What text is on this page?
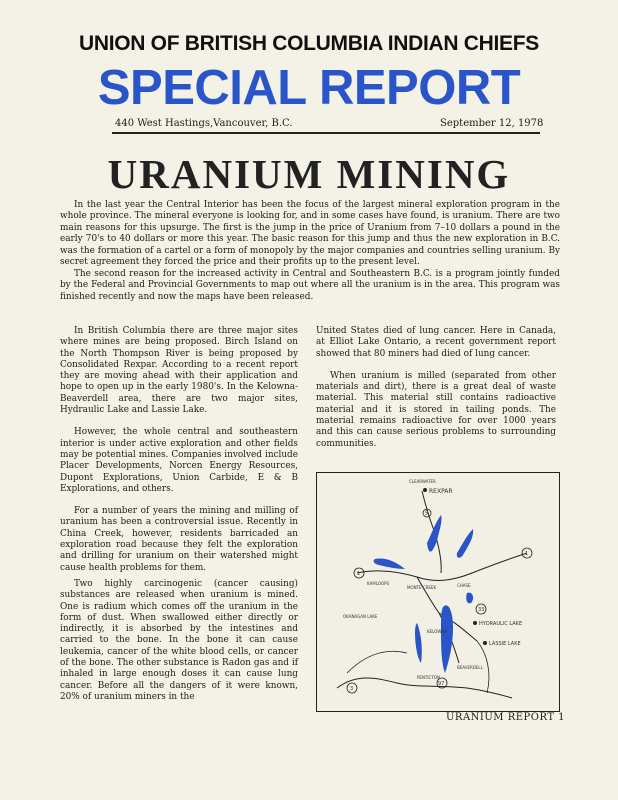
UNION OF BRITISH COLUMBIA INDIAN CHIEFS
SPECIAL REPORT
440 West Hastings,Vancouver, B.C.	September 12, 1978
URANIUM MINING
In the last year the Central Interior has been the focus of the largest mineral exploration program in the whole province. The mineral everyone is looking for, and in some cases have found, is uranium. There are two main reasons for this upsurge. The first is the jump in the price of Uranium from 7–10 dollars a pound in the early 70's to 40 dollars or more this year. The basic reason for this jump and thus the new exploration in B.C. was the formation of a cartel or a form of monopoly by the major companies and countries selling uranium. By secret agreement they forced the price and their profits up to the present level.
The second reason for the increased activity in Central and Southeastern B.C. is a program jointly funded by the Federal and Provincial Governments to map out where all the uranium is in the area. This program was finished recently and now the maps have been released.

In British Columbia there are three major sites where mines are being proposed. Birch Island on the North Thompson River is being proposed by Consolidated Rexpar. According to a recent report they are moving ahead with their application and hope to open up in the early 1980's. In the Kelowna-Beaverdell area, there are two major sites, Hydraulic Lake and Lassie Lake.

However, the whole central and southeastern interior is under active exploration and other fields may be potential mines. Companies involved include Placer Developments, Norcen Energy Resources, Dupont Explorations, Union Carbide, E & B Explorations, and others.

For a number of years the mining and milling of uranium has been a controversial issue. Recently in China Creek, however, residents barricaded an exploration road because they felt the exploration and drilling for uranium on their watershed might cause health problems for them.

Two highly carcinogenic (cancer causing) substances are released when uranium is mined. One is radium which comes off the uranium in the form of dust. When swallowed either directly or indirectly, it is absorbed by the intestines and carried to the bone. In the bone it can cause leukemia, cancer of the white blood cells, or cancer of the bone. The other substance is Radon gas and if inhaled in large enough doses it can cause lung cancer. Before all the dangers of it were known, 20% of uranium miners in the

United States died of lung cancer. Here in Canada, at Elliot Lake Ontario, a recent government report showed that 80 miners had died of lung cancer.

When uranium is milled (separated from other materials and dirt), there is a great deal of waste material. This material still contains radioactive material and it is stored in tailing ponds. The material remains radioactive for over 1000 years and this can cause serious problems to surrounding communities.

5
1
1
33
97
3
CLEARWATER
REXPAR
KAMLOOPS
MONTE CREEK	CHASE
OKANAGAN LAKE
KELOWNA
HYDRAULIC LAKE
LASSIE LAKE
BEAVERDELL
PENTICTON
URANIUM REPORT 1
